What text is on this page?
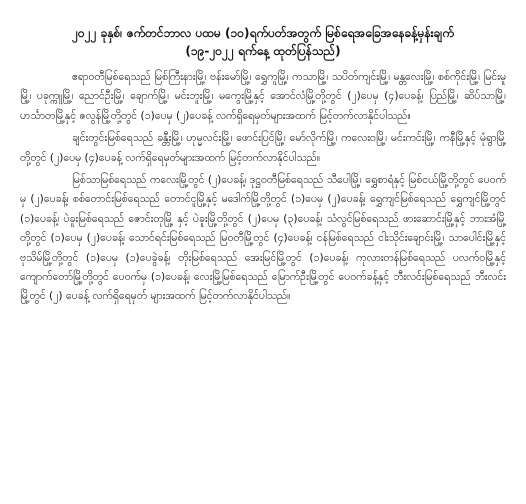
၂၀၂၂ ခုနှစ်၊ ဇက်တင်ဘာလ ပထမ (၁၀)ရက်ပတ်အတွက် မြစ်ရေအခြေအနေခန့်မှန်းချက်

(၁၉-၂၀၂၂ ရက်နေ့ ထုတ်ပြန်သည်)

ဧရာဝတီမြစ်ရေသည် မြစ်ကြီးနားမြို့၊ ဗန်းမော်မြို့၊ ရွှေကူမြို့၊ ကသာမြို့၊ သပိတ်ကျင်းမြို့၊ မန္တလေးမြို့၊ စစ်ကိုင်းမြို့၊ မြင်းမူမြို့၊ ပခုက္ကူမြို့၊ ညောင်ဦးမြို့၊ ချောက်မြို့၊ မင်းဘူးမြို့၊ မကွေးမြို့နှင့် အောင်လံမြို့တို့တွင် (၂)ပေမှ (၄)ပေခန့်၊ ပြည်မြို့၊ ဆိပ်သာမြို့၊ ဟင်္သာတမြို့နှင့် ဇလွန်မြို့တို့တွင် (၁)ပေမှ (၂)ပေခန့် လက်ရှိရေမှတ်များအထက် မြင့်တက်လာနိုင်ပါသည်။

ချင်းတွင်းမြစ်ရေသည် ခန္တီးမြို့၊ ဟုမ္မလင်းမြို့၊ ဖောင်းပြင်မြို့၊ မော်လိုက်မြို့၊ ကလေးဝမြို့၊ မင်းကင်းမြို့၊ ကနီမြို့နှင့် မုံရွာမြို့တို့တွင် (၂)ပေမှ (၄)ပေခန့် လက်ရှိရေမှတ်များအထက် မြင့်တက်လာနိုင်ပါသည်။

မြစ်သာမြစ်ရေသည် ကလေးမြို့တွင် (၂)ပေခန့်၊ ဒုဋ္ဌဝတီမြစ်ရေသည် သီပေါမြို့၊ ရွှေစာရံနှင့် မြစ်ငယ်မြို့တို့တွင် ပေဝက်မှ (၂)ပေခန့်၊ စစ်တောင်းမြစ်ရေသည် တောင်ငူမြို့နှင့် မဒေါက်မြို့တို့တွင် (၁)ပေမှ (၂)ပေခန့်၊ ရွှေကျင်မြစ်ရေသည် ရွှေကျင်မြို့တွင် (၁)ပေခန့်၊ ပဲခူးမြစ်ရေသည် ဇောင်းတုမြို့ နှင့် ပဲခူးမြို့တို့တွင် (၂)ပေမှ (၃)ပေခန့်၊ သံလွင်မြစ်ရေသည် ဖားဆောင်းမြို့နှင့် ဘားအံမြို့တို့တွင် (၁)ပေမှ (၂)ပေခန့်၊ သောင်ရင်းမြစ်ရေသည် မြဝတီမြို့တွင် (၄)ပေခန့်၊ ငန်မြစ်ရေသည် ငါးသိုင်းချောင်းမြို့၊ သာပေါင်းမြို့နှင့် ဗုသိမ်မြို့တို့တွင် (၁)ပေမှ (၁)ပေခွဲခန့်၊ တိုးမြစ်ရေသည် အေးမြင်မြို့တွင် (၁)ပေခန့်၊ ကုလားတန်မြစ်ရေသည် ပလက်ဝမြို့နှင့် ကျောက်တော်မြို့တို့တွင် ပေဝက်မှ (၁)ပေခန့်၊ လေးမြို့မြစ်ရေသည် မြောက်ဦးမြို့တွင် ပေဝက်ခန့်နှင့် ဘီးလင်းမြစ်ရေသည် ဘီးလင်းမြို့တွင် (၂) ပေခန့် လက်ရှိရေမှတ် များအထက် မြင့်တက်လာနိုင်ပါသည်။
